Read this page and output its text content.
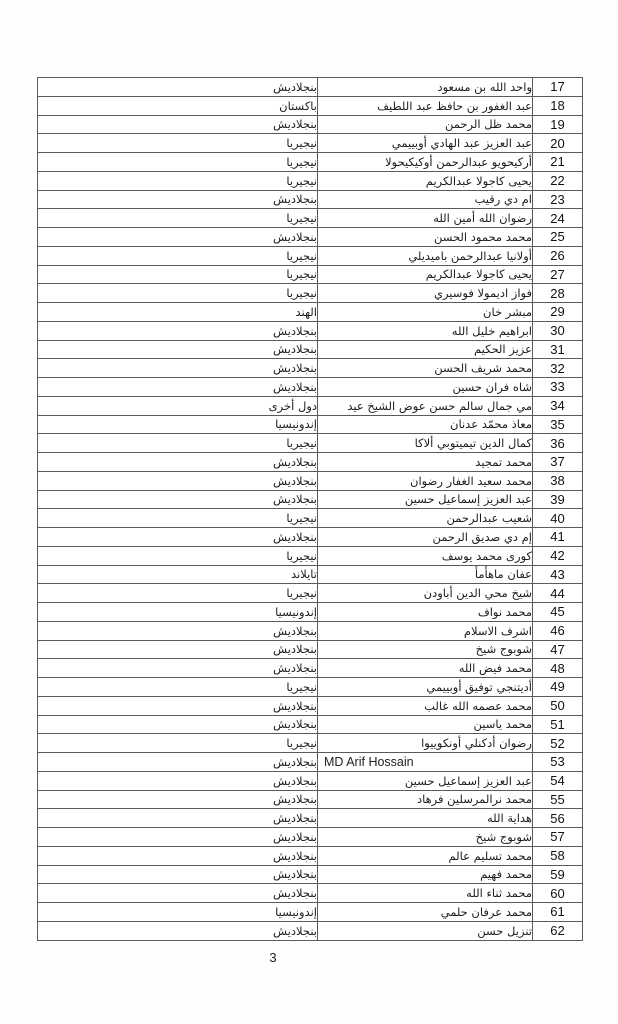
بنجلاديش	واحد الله بن مسعود	17
باكستان	عبد الغفور بن حافظ عبد اللطيف	18
بنجلاديش	محمد ظل الرحمن	19
نيجيريا	عبد العزيز عبد الهادي أوبييمي	20
نيجيريا	أركيحويو عبدالرحمن أوكيكيحولا	21
نيجيريا	يحيى كاجولا عبدالكريم	22
بنجلاديش	ام دي رقيب	23
نيجيريا	رضوان الله أمين الله	24
بنجلاديش	محمد محمود الحسن	25
نيجيريا	أولانيا عبدالرحمن باميديلي	26
نيجيريا	يحيى كاجولا عبدالكريم	27
نيجيريا	فواز اديمولا فوسيري	28
الهند	مبشر خان	29
بنجلاديش	ابراهيم خليل الله	30
بنجلاديش	عزيز الحكيم	31
بنجلاديش	محمد شريف الحسن	32
بنجلاديش	شاه فران حسين	33
دول أخرى	مي جمال سالم حسن عوض الشيخ عيد	34
إندونيسيا	معاذ محمّد عدنان	35
نيجيريا	كمال الدين تيميتوبي ألاكا	36
بنجلاديش	محمد تمجيد	37
بنجلاديش	محمد سعيد الغفار رضوان	38
بنجلاديش	عبد العزيز إسماعيل حسين	39
نيجيريا	شعيب عبدالرحمن	40
بنجلاديش	إم دي صديق الرحمن	41
نيجيريا	كورى محمد يوسف	42
تايلاند	عفان ماهأمأ	43
نيجيريا	شيخ محي الدين أباودن	44
إندونيسيا	محمد نواف	45
بنجلاديش	اشرف الاسلام	46
بنجلاديش	شوبوج شيخ	47
بنجلاديش	محمد فيض الله	48
نيجيريا	أديتنجي توفيق أوبييمي	49
بنجلاديش	محمد عصمه الله غالب	50
بنجلاديش	محمد ياسين	51
نيجيريا	رضوان أدكنلي أونكوييوا	52
بنجلاديش	MD Arif Hossain	53
بنجلاديش	عبد العزيز إسماعيل حسين	54
بنجلاديش	محمد نرالمرسلين فرهاد	55
بنجلاديش	هداية الله	56
بنجلاديش	شوبوج شيخ	57
بنجلاديش	محمد تسليم عالم	58
بنجلاديش	محمد فهيم	59
بنجلاديش	محمد ثناء الله	60
إندونيسيا	محمد عرفان حلمي	61
بنجلاديش	تنزيل حسن	62
3
